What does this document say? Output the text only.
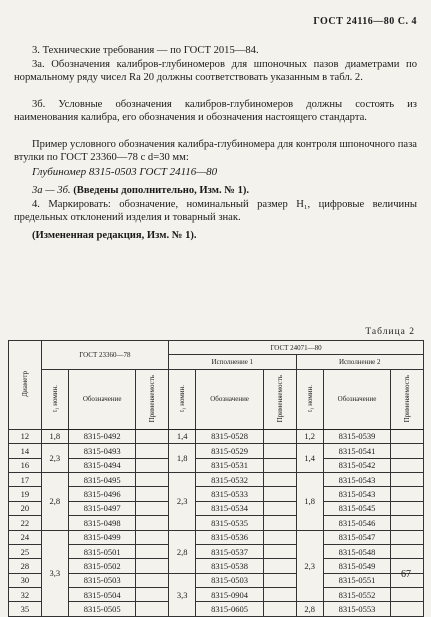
ГОСТ 24116—80 С. 4
3. Технические требования — по ГОСТ 2015—84.
3а. Обозначения калибров-глубиномеров для шпоночных пазов диаметрами по нормальному ряду чисел Ra 20 должны соответствовать указанным в табл. 2.
3б. Условные обозначения калибров-глубиномеров должны состоять из наименования калибра, его обозначения и обозначения настоящего стандарта.
Пример условного обозначения калибра-глубиномера для контроля шпоночного паза втулки по ГОСТ 23360—78 с d=30 мм:
Глубиномер 8315-0503 ГОСТ 24116—80
3а — 3б. (Введены дополнительно, Изм. № 1).
4. Маркировать: обозначение, номинальный размер H₁, цифровые величины предельных отклонений изделия и товарный знак.
(Измененная редакция, Изм. № 1).
Таблица 2
Диаметр	ГОСТ 23360—78			ГОСТ 24071—80					
				Исполнение 1			Исполнение 2		
	t₁ номин.	Обозначение	Применяемость	t₁ номин.	Обозначение	Применяемость	t₁ номин.	Обозначение	Применяемость
12	1,8	8315-0492		1,4	8315-0528		1,2	8315-0539	
14	2,3	8315-0493		1,8	8315-0529		1,4	8315-0541	
16		8315-0494			8315-0531			8315-0542	
17	2,8	8315-0495		2,3	8315-0532		1,8	8315-0543	
19		8315-0496			8315-0533			8315-0543	
20		8315-0497			8315-0534			8315-0545	
22		8315-0498			8315-0535			8315-0546	
24	3,3	8315-0499		2,8	8315-0536		2,3	8315-0547	
25		8315-0501			8315-0537			8315-0548	
28		8315-0502			8315-0538			8315-0549	
30		8315-0503		3,3	8315-0503			8315-0551	
32		8315-0504			8315-0904			8315-0552	
35		8315-0505			8315-0605		2,8	8315-0553	
67
